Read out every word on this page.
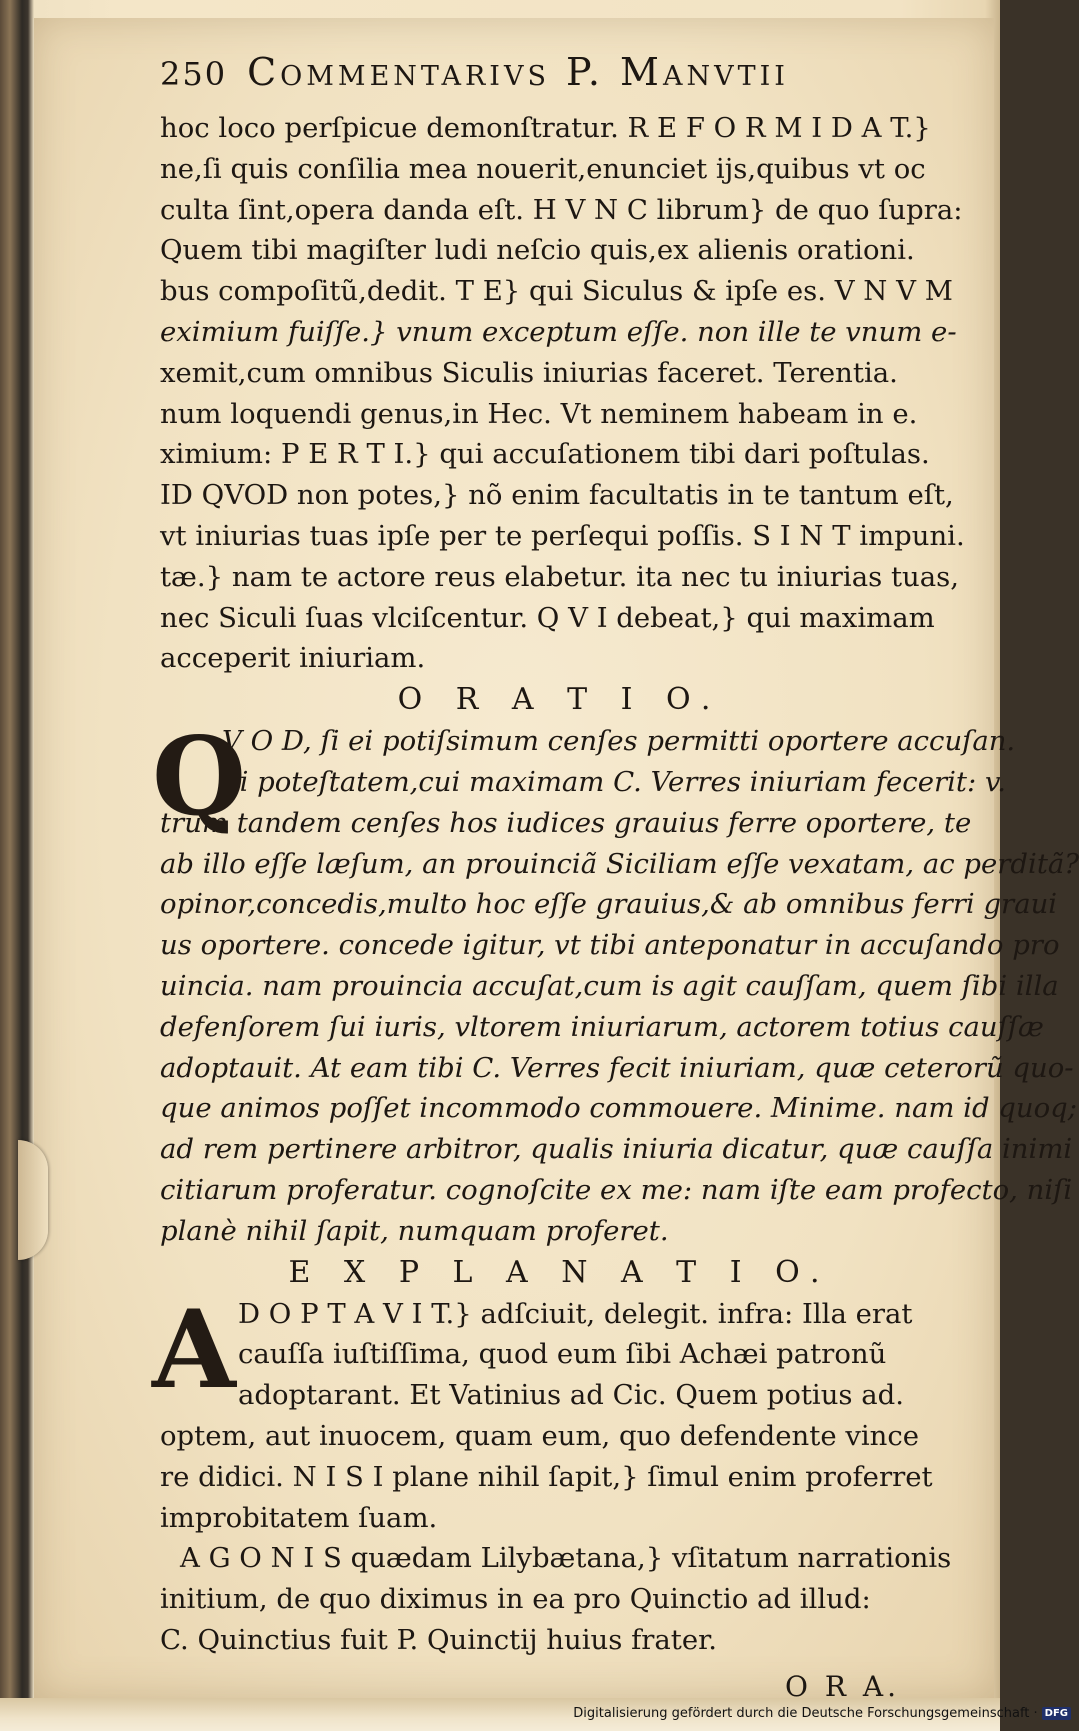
250 Commentarivs P. Manvtii
hoc loco perſpicue demonſtratur. R E F O R M I D A T.}
ne,ſi quis conſilia mea nouerit,enunciet ijs,quibus vt oc
culta ſint,opera danda eſt. H V N C librum} de quo ſupra:
Quem tibi magiſter ludi neſcio quis,ex alienis orationi.
bus compoſitũ,dedit. T E} qui Siculus & ipſe es. V N V M
eximium fuiſſe.} vnum exceptum eſſe. non ille te vnum e-
xemit,cum omnibus Siculis iniurias faceret. Terentia.
num loquendi genus,in Hec. Vt neminem habeam in e.
ximium: P E R T I.} qui accuſationem tibi dari poſtulas.
ID QVOD non potes,} nõ enim facultatis in te tantum eſt,
vt iniurias tuas ipſe per te perſequi poſſis. S I N T impuni.
tæ.} nam te actore reus elabetur. ita nec tu iniurias tuas,
nec Siculi ſuas vlciſcentur. Q V I debeat,} qui maximam
acceperit iniuriam.
O R A T I O.
Q
V O D, ſi ei potiſsimum cenſes permitti oportere accuſan.
di poteſtatem,cui maximam C. Verres iniuriam fecerit: v.
trum tandem cenſes hos iudices grauius ferre oportere, te
ab illo eſſe læſum, an prouinciã Siciliam eſſe vexatam, ac perditã?
opinor,concedis,multo hoc eſſe grauius,& ab omnibus ferri graui
us oportere. concede igitur, vt tibi anteponatur in accuſando pro
uincia. nam prouincia accuſat,cum is agit cauſſam, quem ſibi illa
defenſorem ſui iuris, vltorem iniuriarum, actorem totius cauſſæ
adoptauit. At eam tibi C. Verres fecit iniuriam, quæ ceterorũ quo-
que animos poſſet incommodo commouere. Minime. nam id quoq;
ad rem pertinere arbitror, qualis iniuria dicatur, quæ cauſſa inimi
citiarum proferatur. cognoſcite ex me: nam iſte eam profecto, niſi
planè nihil ſapit, numquam proferet.
E X P L A N A T I O.
A D O P T A V I T.} adſciuit, delegit. infra: Illa erat
cauſſa iuſtiſſima, quod eum ſibi Achæi patronũ
adoptarant. Et Vatinius ad Cic. Quem potius ad.
optem, aut inuocem, quam eum, quo defendente vince
re didici. N I S I plane nihil ſapit,} ſimul enim proferret
improbitatem ſuam.
A G O N I S quædam Lilybætana,} vſitatum narrationis
initium, de quo diximus in ea pro Quinctio ad illud:
C. Quinctius fuit P. Quinctij huius frater.
O R A.
Digitalisierung gefördert durch die Deutsche Forschungsgemeinschaft · DFG
